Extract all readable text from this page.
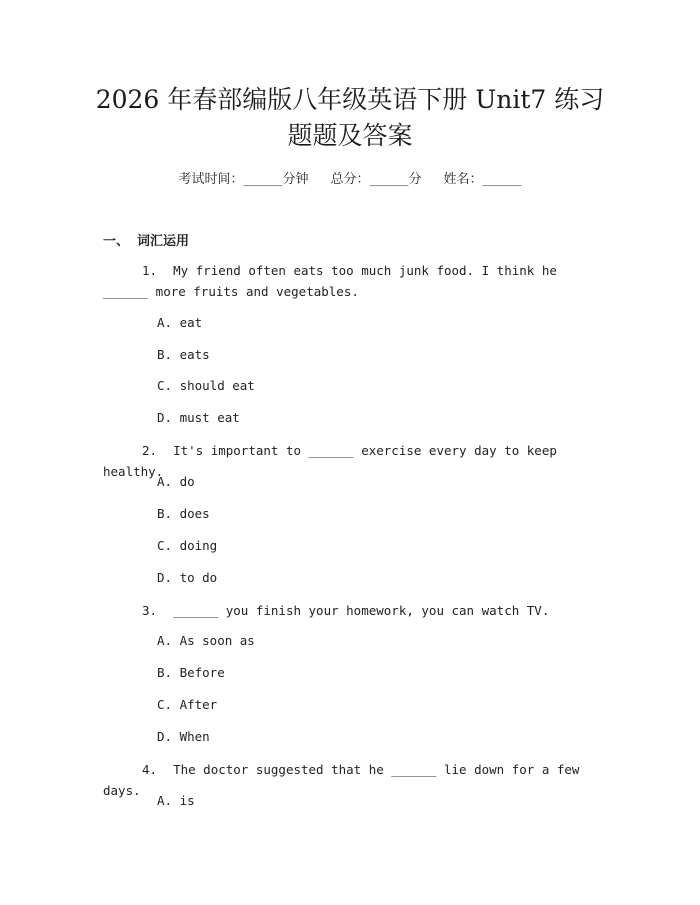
2026 年春部编版八年级英语下册 Unit7 练习
题题及答案
考试时间：______分钟 总分：______分 姓名：______
一、 词汇运用
1. My friend often eats too much junk food. I think he ______ more fruits and vegetables.
A. eat
B. eats
C. should eat
D. must eat
2. It's important to ______ exercise every day to keep healthy.
A. do
B. does
C. doing
D. to do
3. ______ you finish your homework, you can watch TV.
A. As soon as
B. Before
C. After
D. When
4. The doctor suggested that he ______ lie down for a few days.
A. is
